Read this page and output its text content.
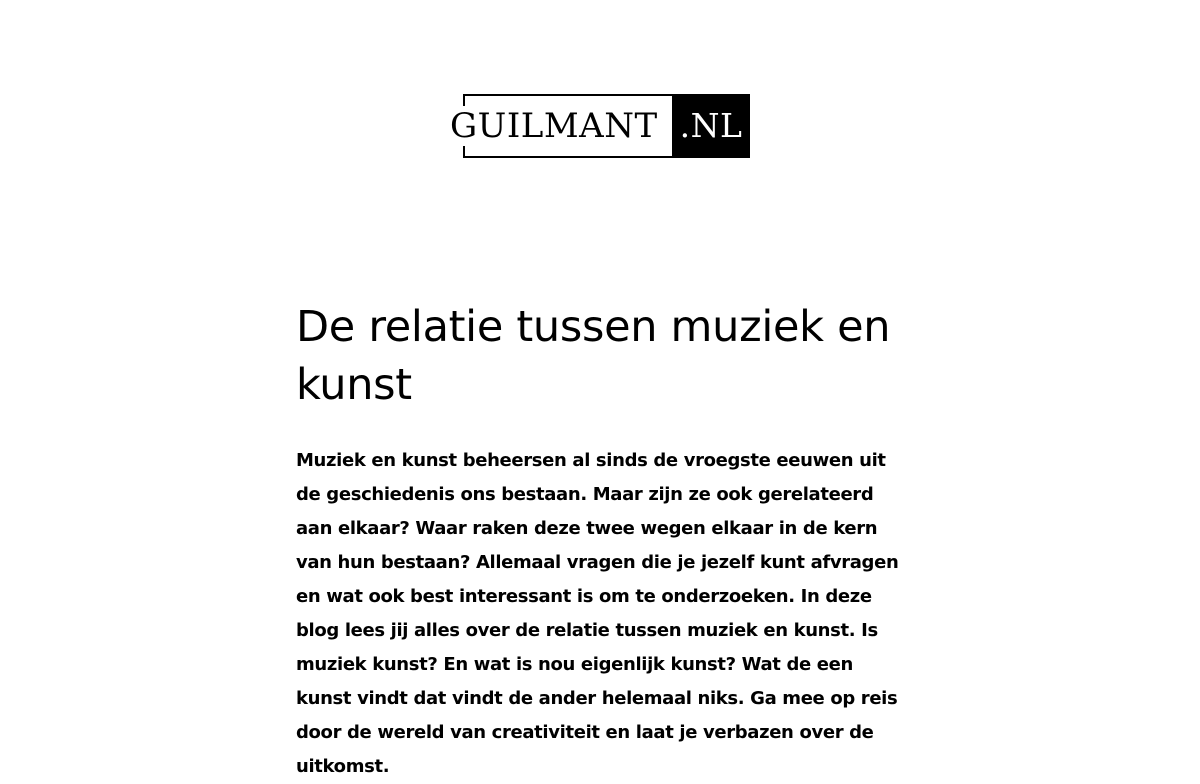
GUILMANT .NL
De relatie tussen muziek en kunst

Muziek en kunst beheersen al sinds de vroegste eeuwen uit de geschiedenis ons bestaan. Maar zijn ze ook gerelateerd aan elkaar? Waar raken deze twee wegen elkaar in de kern van hun bestaan? Allemaal vragen die je jezelf kunt afvragen en wat ook best interessant is om te onderzoeken. In deze blog lees jij alles over de relatie tussen muziek en kunst. Is muziek kunst? En wat is nou eigenlijk kunst? Wat de een kunst vindt dat vindt de ander helemaal niks. Ga mee op reis door de wereld van creativiteit en laat je verbazen over de uitkomst.
